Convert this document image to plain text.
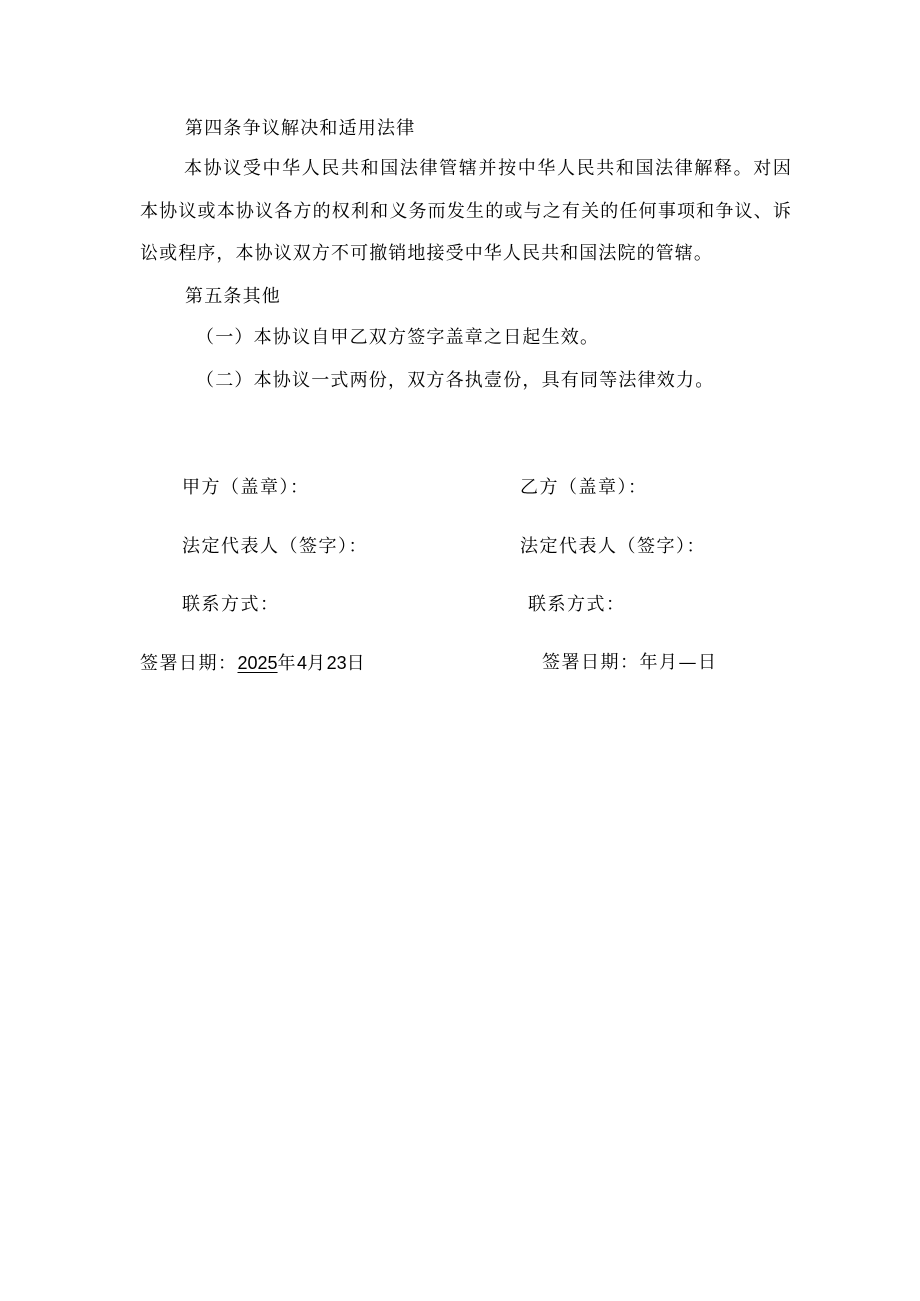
第四条争议解决和适用法律
本协议受中华人民共和国法律管辖并按中华人民共和国法律解释。对因本协议或本协议各方的权利和义务而发生的或与之有关的任何事项和争议、诉讼或程序，本协议双方不可撤销地接受中华人民共和国法院的管辖。
第五条其他
（一）本协议自甲乙双方签字盖章之日起生效。
（二）本协议一式两份，双方各执壹份，具有同等法律效力。
甲方（盖章）：
法定代表人（签字）：
联系方式：
签署日期：2025年4月23日
乙方（盖章）：
法定代表人（签字）：
联系方式：
签署日期：年月—日
